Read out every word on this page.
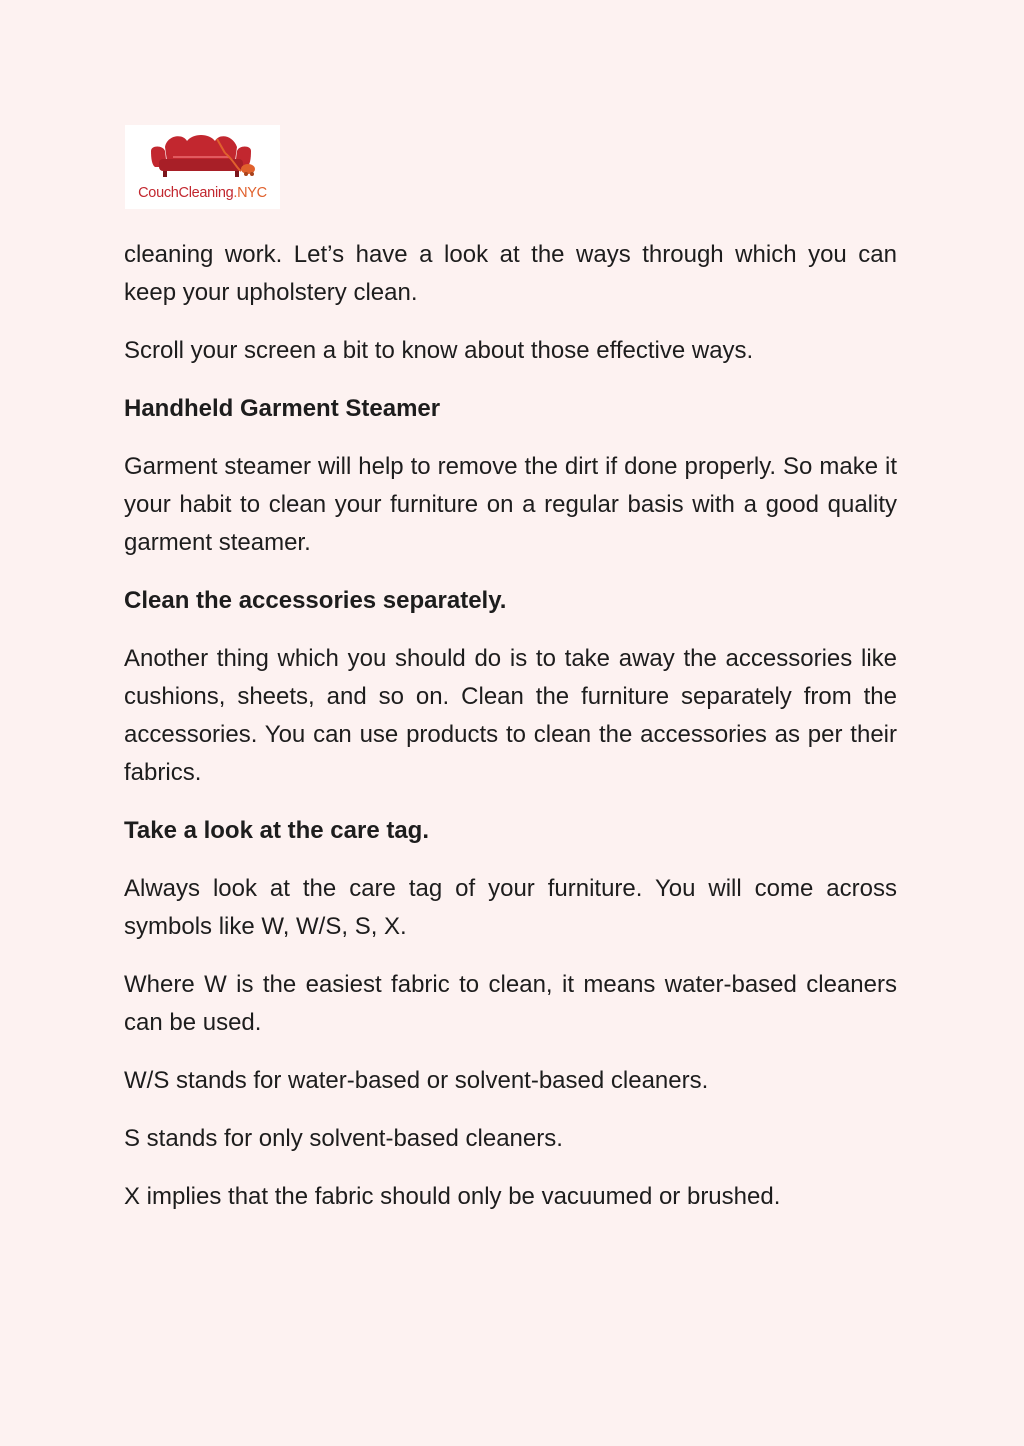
CouchCleaning.NYC

cleaning work. Let’s have a look at the ways through which you can keep your upholstery clean.

Scroll your screen a bit to know about those effective ways.

Handheld Garment Steamer

Garment steamer will help to remove the dirt if done properly. So make it your habit to clean your furniture on a regular basis with a good quality garment steamer.

Clean the accessories separately.

Another thing which you should do is to take away the accessories like cushions, sheets, and so on. Clean the furniture separately from the accessories. You can use products to clean the accessories as per their fabrics.

Take a look at the care tag.

Always look at the care tag of your furniture. You will come across symbols like W, W/S, S, X.

Where W is the easiest fabric to clean, it means water-based cleaners can be used.

W/S stands for water-based or solvent-based cleaners.

S stands for only solvent-based cleaners.

X implies that the fabric should only be vacuumed or brushed.
